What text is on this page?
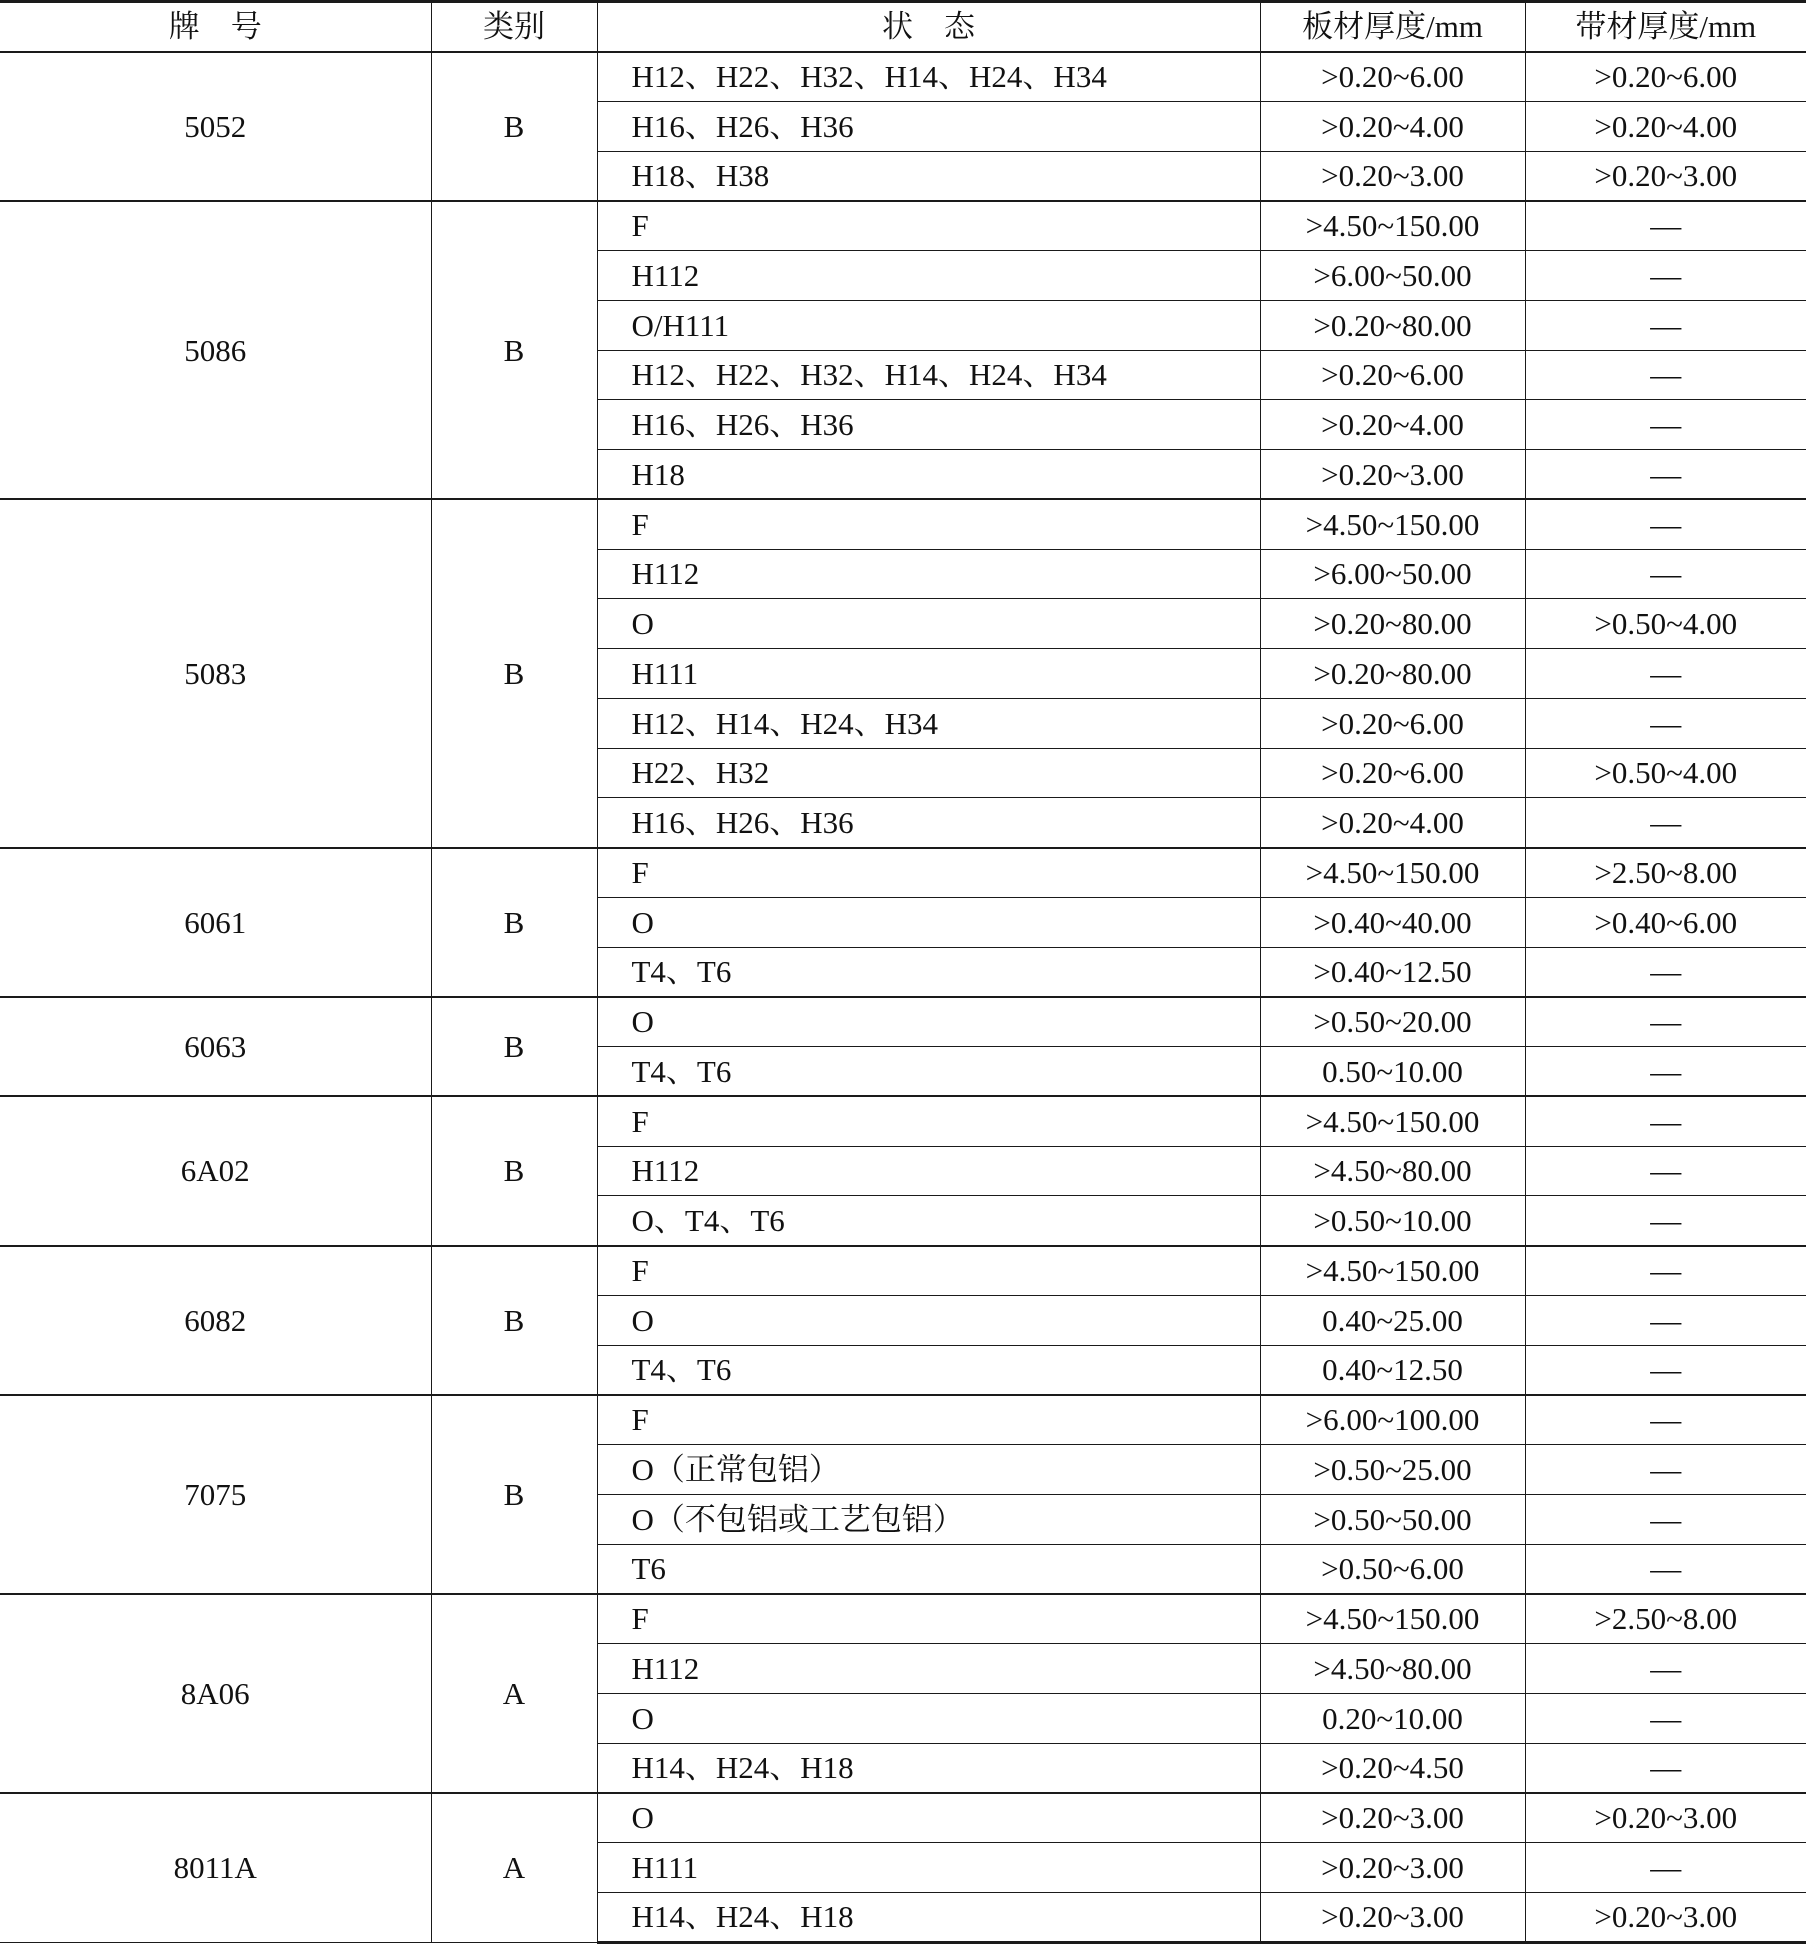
牌　号	类别	状　态	板材厚度/mm	带材厚度/mm
5052	B	H12、H22、H32、H14、H24、H34	>0.20~6.00	>0.20~6.00
		H16、H26、H36	>0.20~4.00	>0.20~4.00
		H18、H38	>0.20~3.00	>0.20~3.00
5086	B	F	>4.50~150.00	—
		H112	>6.00~50.00	—
		O/H111	>0.20~80.00	—
		H12、H22、H32、H14、H24、H34	>0.20~6.00	—
		H16、H26、H36	>0.20~4.00	—
		H18	>0.20~3.00	—
5083	B	F	>4.50~150.00	—
		H112	>6.00~50.00	—
		O	>0.20~80.00	>0.50~4.00
		H111	>0.20~80.00	—
		H12、H14、H24、H34	>0.20~6.00	—
		H22、H32	>0.20~6.00	>0.50~4.00
		H16、H26、H36	>0.20~4.00	—
6061	B	F	>4.50~150.00	>2.50~8.00
		O	>0.40~40.00	>0.40~6.00
		T4、T6	>0.40~12.50	—
6063	B	O	>0.50~20.00	—
		T4、T6	0.50~10.00	—
6A02	B	F	>4.50~150.00	—
		H112	>4.50~80.00	—
		O、T4、T6	>0.50~10.00	—
6082	B	F	>4.50~150.00	—
		O	0.40~25.00	—
		T4、T6	0.40~12.50	—
7075	B	F	>6.00~100.00	—
		O（正常包铝）	>0.50~25.00	—
		O（不包铝或工艺包铝）	>0.50~50.00	—
		T6	>0.50~6.00	—
8A06	A	F	>4.50~150.00	>2.50~8.00
		H112	>4.50~80.00	—
		O	0.20~10.00	—
		H14、H24、H18	>0.20~4.50	—
8011A	A	O	>0.20~3.00	>0.20~3.00
		H111	>0.20~3.00	—
		H14、H24、H18	>0.20~3.00	>0.20~3.00
